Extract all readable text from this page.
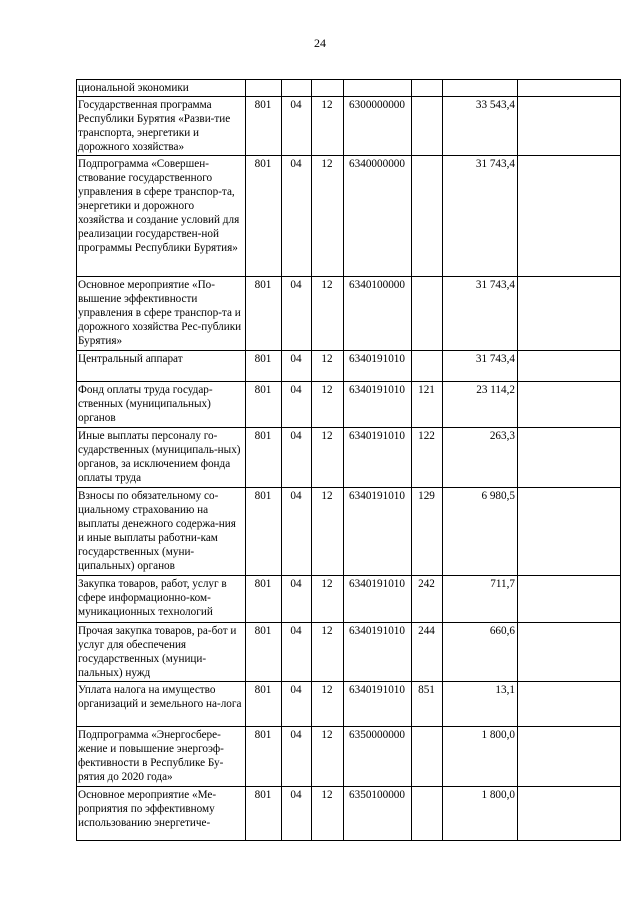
24
циональной экономики							
Государственная программа Республики Бурятия «Разви-тие транспорта, энергетики и дорожного хозяйства»	801	04	12	6300000000		33 543,4	
Подпрограмма «Совершен-ствование государственного управления в сфере транспор-та, энергетики и дорожного хозяйства и создание условий для реализации государствен-ной программы Республики Бурятия»	801	04	12	6340000000		31 743,4	
Основное мероприятие «По-вышение эффективности управления в сфере транспор-та и дорожного хозяйства Рес-публики Бурятия»	801	04	12	6340100000		31 743,4	
Центральный аппарат	801	04	12	6340191010		31 743,4	
Фонд оплаты труда государ-ственных (муниципальных) органов	801	04	12	6340191010	121	23 114,2	
Иные выплаты персоналу го-сударственных (муниципаль-ных) органов, за исключением фонда оплаты труда	801	04	12	6340191010	122	263,3	
Взносы по обязательному со-циальному страхованию на выплаты денежного содержа-ния и иные выплаты работни-кам государственных (муни-ципальных) органов	801	04	12	6340191010	129	6 980,5	
Закупка товаров, работ, услуг в сфере информационно-ком-муникационных технологий	801	04	12	6340191010	242	711,7	
Прочая закупка товаров, ра-бот и услуг для обеспечения государственных (муници-пальных) нужд	801	04	12	6340191010	244	660,6	
Уплата налога на имущество организаций и земельного на-лога	801	04	12	6340191010	851	13,1	
Подпрограмма «Энергосбере-жение и повышение энергоэф-фективности в Республике Бу-рятия до 2020 года»	801	04	12	6350000000		1 800,0	
Основное мероприятие «Ме-роприятия по эффективному использованию энергетиче-	801	04	12	6350100000		1 800,0	
